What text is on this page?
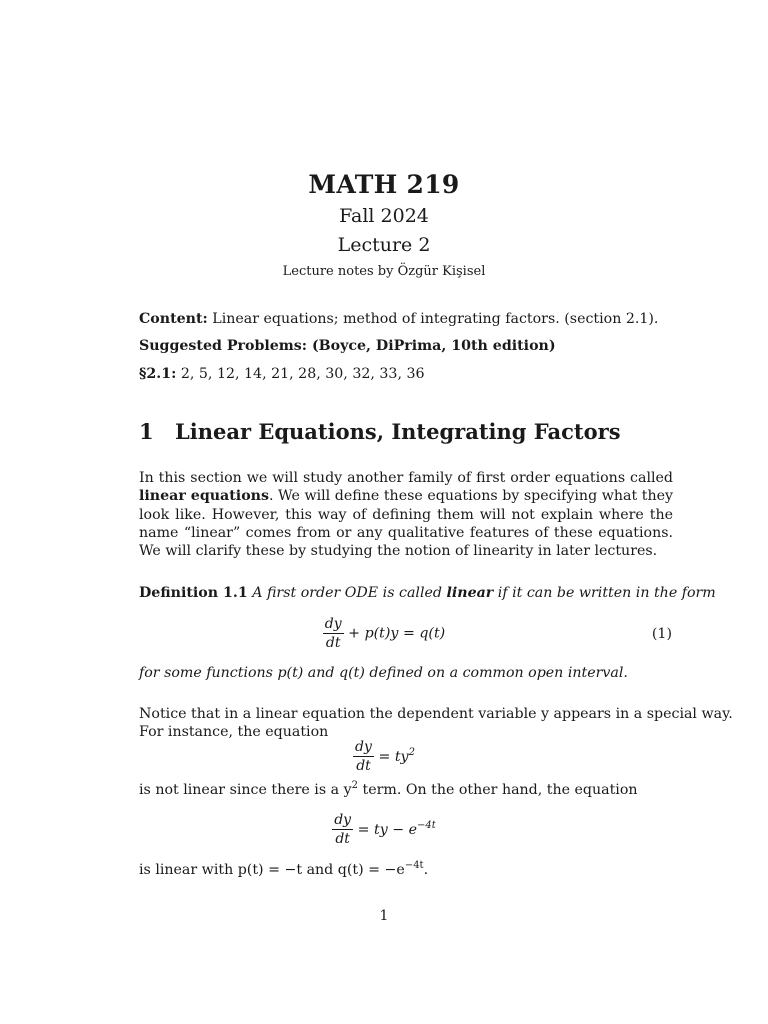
MATH 219
Fall 2024
Lecture 2
Lecture notes by Özgür Kişisel
Content: Linear equations; method of integrating factors. (section 2.1).
Suggested Problems: (Boyce, DiPrima, 10th edition)
§2.1: 2, 5, 12, 14, 21, 28, 30, 32, 33, 36
1 Linear Equations, Integrating Factors
In this section we will study another family of first order equations called linear equations. We will define these equations by specifying what they look like. However, this way of defining them will not explain where the name “linear” comes from or any qualitative features of these equations. We will clarify these by studying the notion of linearity in later lectures.
Definition 1.1 A first order ODE is called linear if it can be written in the form
$\frac{dy}{dt} + p(t)y = q(t)$	(1)
for some functions p(t) and q(t) defined on a common open interval.
Notice that in a linear equation the dependent variable y appears in a special way.
For instance, the equation
$\frac{dy}{dt} = ty^2$
is not linear since there is a $y^2$ term. On the other hand, the equation
$\frac{dy}{dt}$ = ty − $e^{-4t}$
is linear with p(t) = −t and $q(t) = -e^{-4t}$.
1
